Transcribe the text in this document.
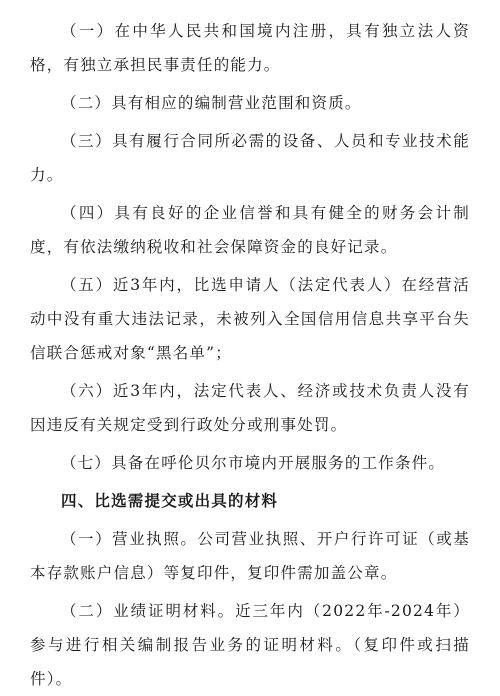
（一）在中华人民共和国境内注册，具有独立法人资格，有独立承担民事责任的能力。

（二）具有相应的编制营业范围和资质。

（三）具有履行合同所必需的设备、人员和专业技术能力。

（四）具有良好的企业信誉和具有健全的财务会计制度，有依法缴纳税收和社会保障资金的良好记录。

（五）近3年内，比选申请人（法定代表人）在经营活动中没有重大违法记录，未被列入全国信用信息共享平台失信联合惩戒对象“黑名单”；

（六）近3年内，法定代表人、经济或技术负责人没有因违反有关规定受到行政处分或刑事处罚。

（七）具备在呼伦贝尔市境内开展服务的工作条件。

四、比选需提交或出具的材料

（一）营业执照。公司营业执照、开户行许可证（或基本存款账户信息）等复印件，复印件需加盖公章。

（二）业绩证明材料。近三年内（2022年-2024年）参与进行相关编制报告业务的证明材料。（复印件或扫描件）。
